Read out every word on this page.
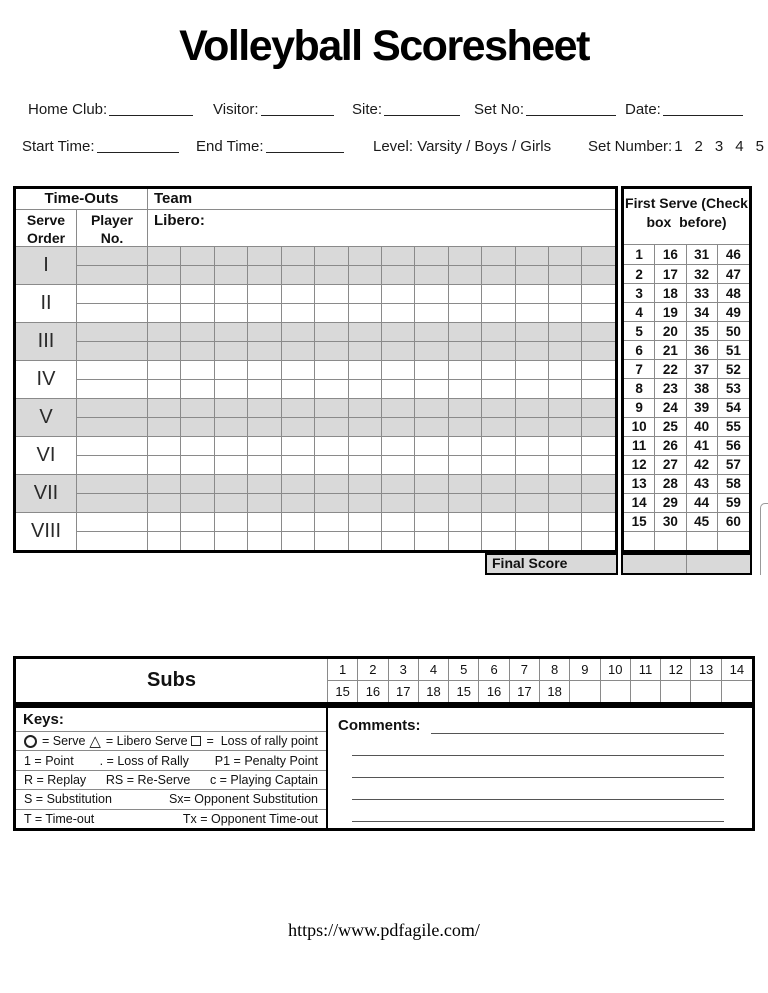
Volleyball Scoresheet
Home Club:	Visitor:	Site:	Set No:	Date:
Start Time:	End Time:	Level: Varsity / Boys / Girls Set Number: 1 2 3 4 5
Time-Outs	Team
Serve
Order
Player
No.
Libero:
I
II
III
IV
V
VI
VII
VIII
First Serve (Check
box  before)
1	16	31	46
2	17	32	47
3	18	33	48
4	19	34	49
5	20	35	50
6	21	36	51
7	22	37	52
8	23	38	53
9	24	39	54
10	25	40	55
11	26	41	56
12	27	42	57
13	28	43	58
14	29	44	59
15	30	45	60
Final Score
Subs	1	2	3	4	5	6	7	8	9	10	11	12	13	14
15	16	17	18	15	16	17	18
Keys:
= Serve △ = Libero Serve =  Loss of rally point
1 = Point . = Loss of Rally P1 = Penalty Point
R = Replay RS = Re-Serve c = Playing Captain
S = Substitution	Sx= Opponent Substitution
T = Time-out	Tx = Opponent Time-out
Comments:
https://www.pdfagile.com/
